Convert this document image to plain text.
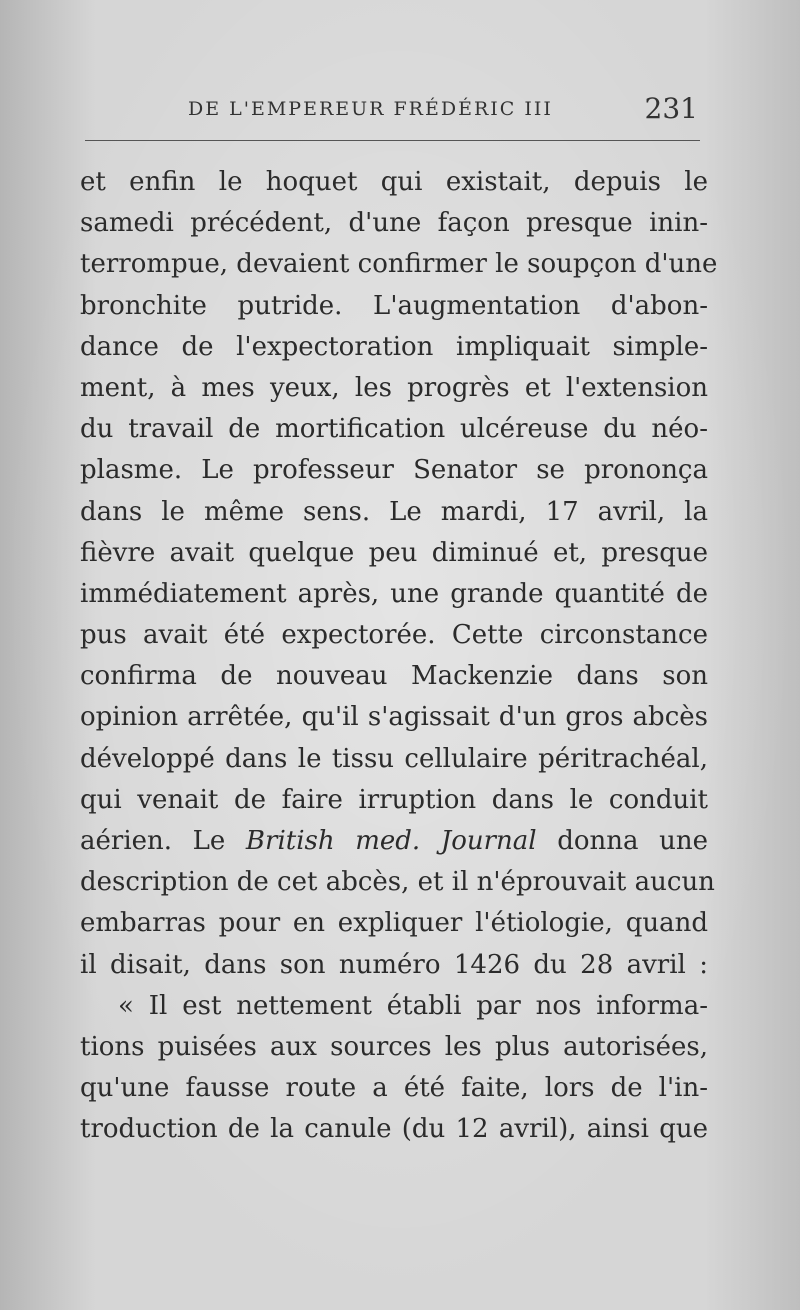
DE L'EMPEREUR FRÉDÉRIC III	231
et enfin le hoquet qui existait, depuis le
samedi précédent, d'une façon presque inin-
terrompue, devaient confirmer le soupçon d'une
bronchite putride. L'augmentation d'abon-
dance de l'expectoration impliquait simple-
ment, à mes yeux, les progrès et l'extension
du travail de mortification ulcéreuse du néo-
plasme. Le professeur Senator se prononça
dans le même sens. Le mardi, 17 avril, la
fièvre avait quelque peu diminué et, presque
immédiatement après, une grande quantité de
pus avait été expectorée. Cette circonstance
confirma de nouveau Mackenzie dans son
opinion arrêtée, qu'il s'agissait d'un gros abcès
développé dans le tissu cellulaire péritrachéal,
qui venait de faire irruption dans le conduit
aérien. Le British med. Journal donna une
description de cet abcès, et il n'éprouvait aucun
embarras pour en expliquer l'étiologie, quand
il disait, dans son numéro 1426 du 28 avril :
« Il est nettement établi par nos informa-
tions puisées aux sources les plus autorisées,
qu'une fausse route a été faite, lors de l'in-
troduction de la canule (du 12 avril), ainsi que
